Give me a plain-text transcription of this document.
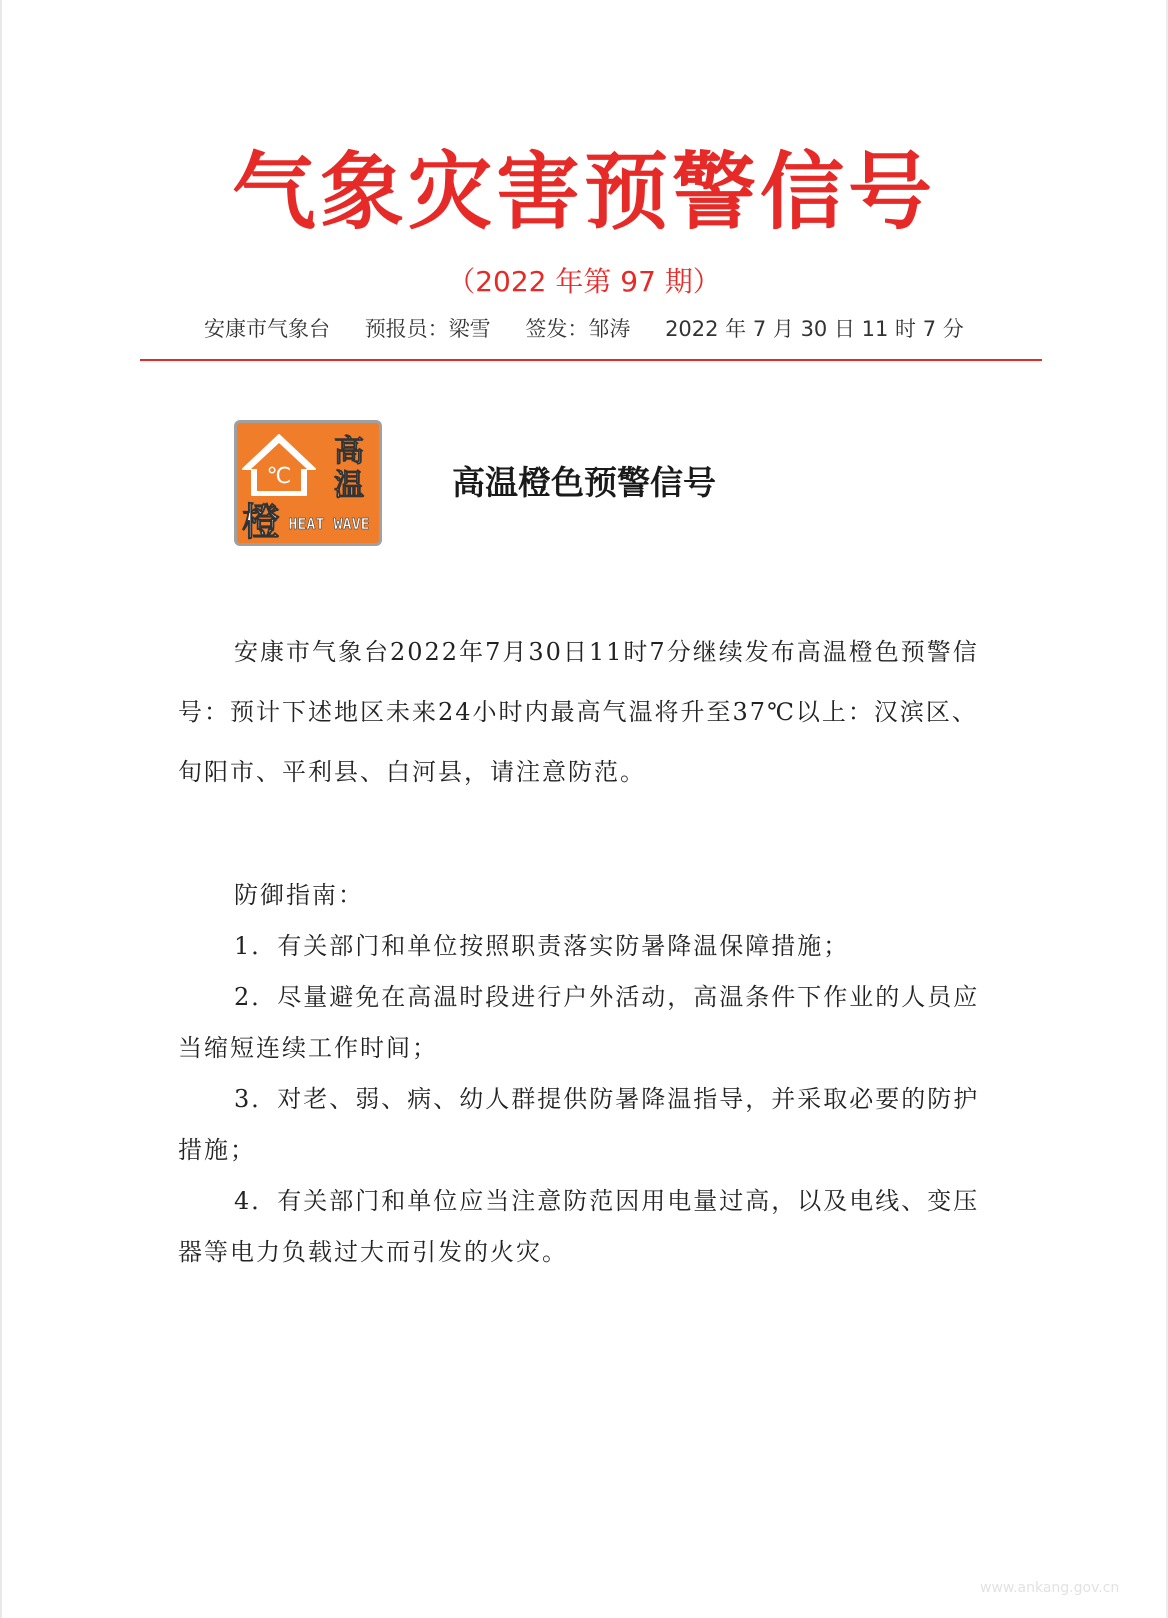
气象灾害预警信号
（2022 年第 97 期）
安康市气象台 预报员：梁雪 签发：邹涛 2022 年 7 月 30 日 11 时 7 分
℃
高
温
橙 HEAT WAVE
高温橙色预警信号
安康市气象台2022年7月30日11时7分继续发布高温橙色预警信号：预计下述地区未来24小时内最高气温将升至37℃以上：汉滨区、旬阳市、平利县、白河县，请注意防范。

防御指南：

1．有关部门和单位按照职责落实防暑降温保障措施；

2．尽量避免在高温时段进行户外活动，高温条件下作业的人员应当缩短连续工作时间；

3．对老、弱、病、幼人群提供防暑降温指导，并采取必要的防护措施；

4．有关部门和单位应当注意防范因用电量过高，以及电线、变压器等电力负载过大而引发的火灾。

www.ankang.gov.cn
